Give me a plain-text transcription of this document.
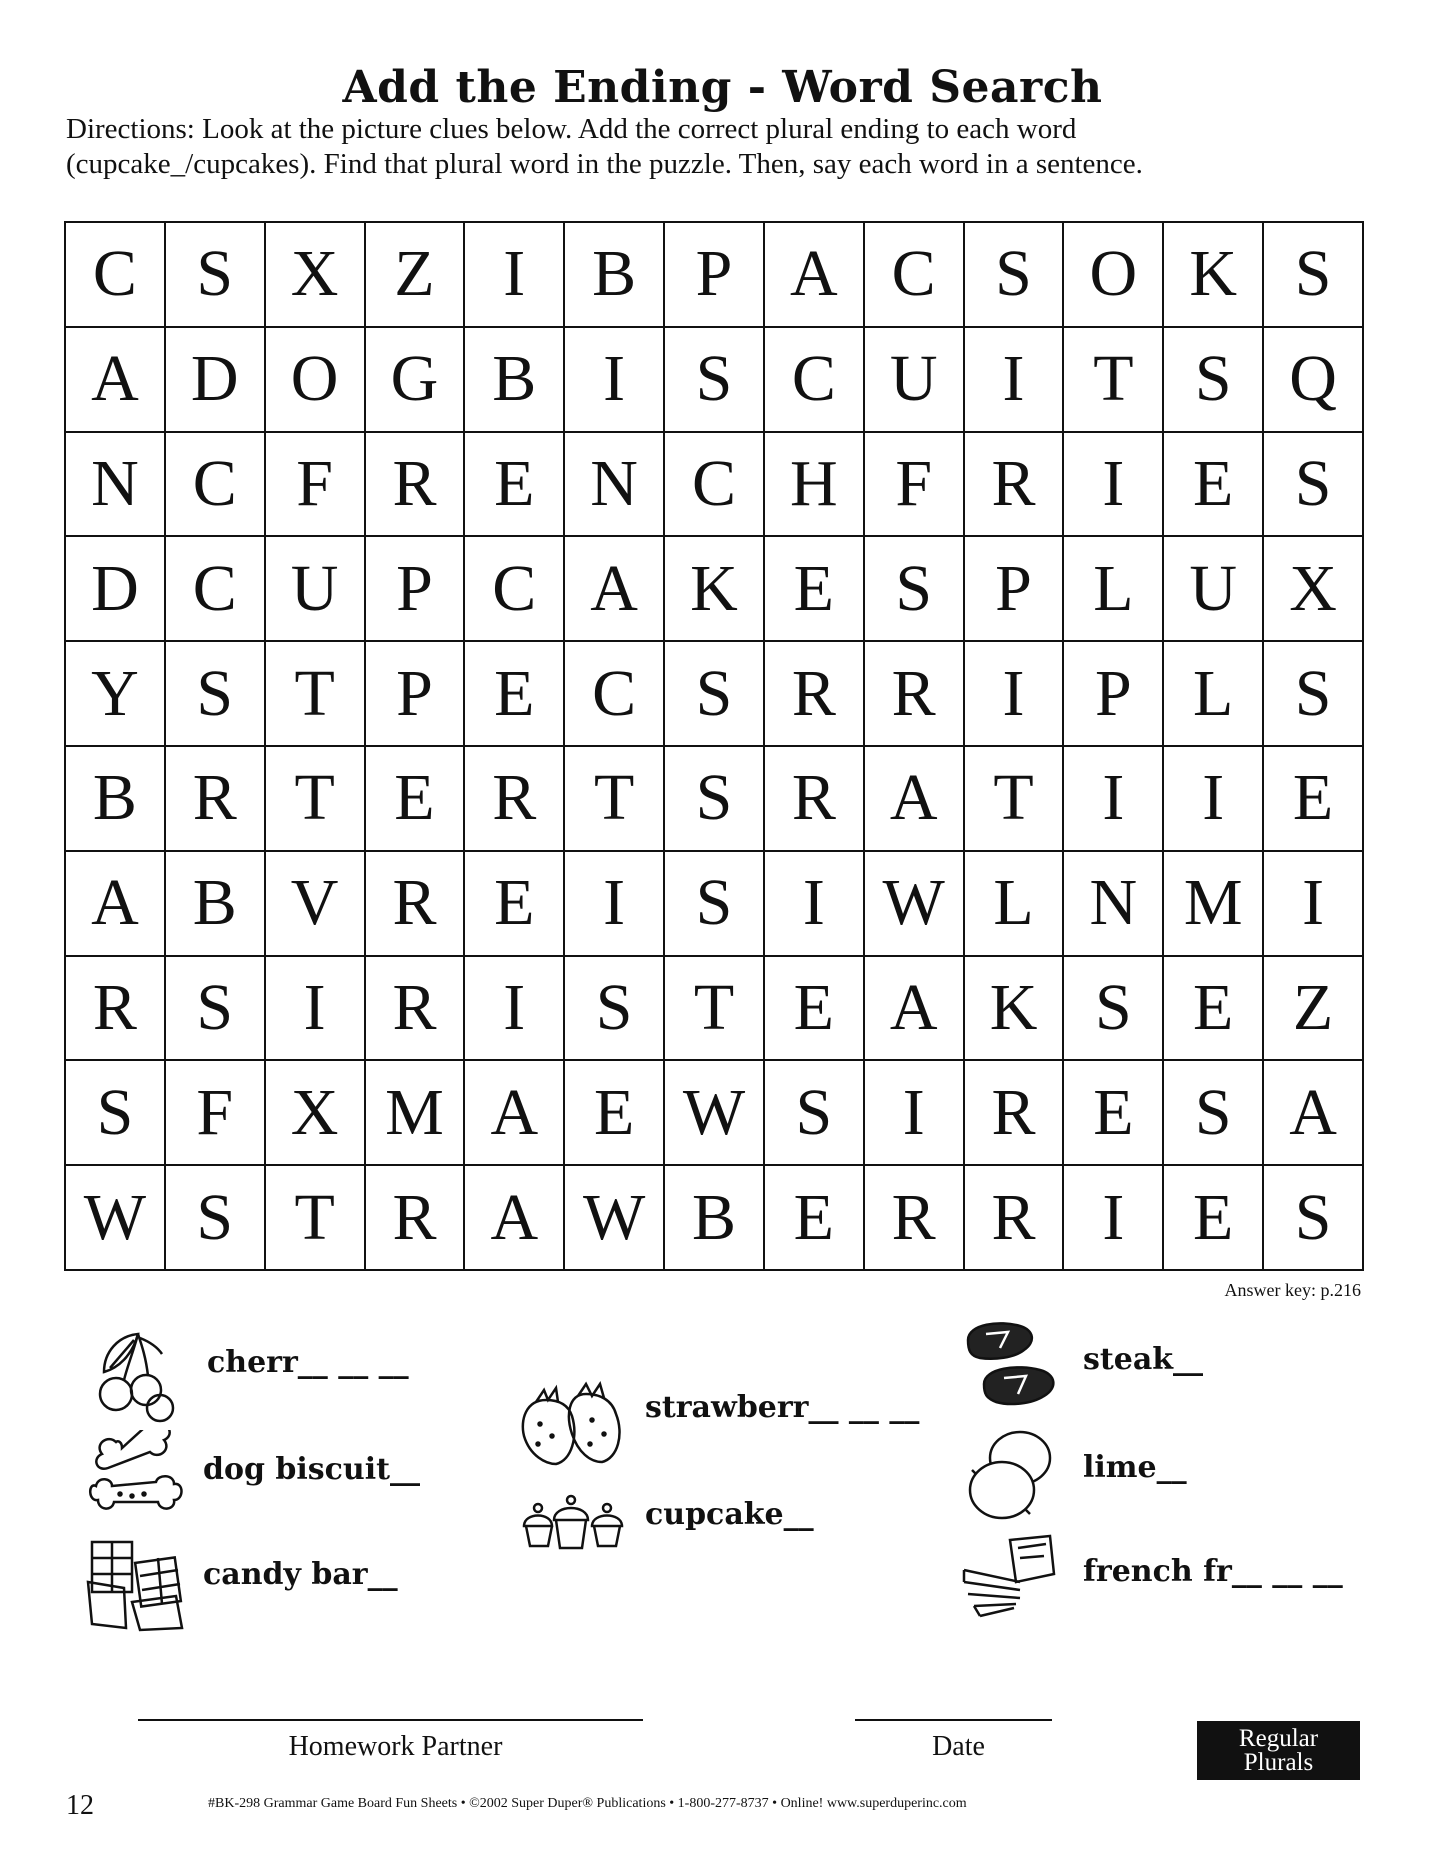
Add the Ending - Word Search
Directions: Look at the picture clues below. Add the correct plural ending to each word
(cupcake_/cupcakes). Find that plural word in the puzzle. Then, say each word in a sentence.
C S X Z	I	B P A C S O K S
A D O G B	I	S C U I	T S Q
N C F R E N C H F R	I	E S
D C U P C A K E S P L U X
Y S T P E C S R R	I	P L S
B R T E R T S R A T	I	I	E
A B V R E	I	S	I W L N M I
R S	I	R	I	S T E A K S E Z
S F X M A E W S	I	R E S A
W S T R A W B E R R	I	E S
Answer key: p.216
cherr__ __ __
dog biscuit__
candy bar__
strawberr__ __ __
cupcake__
steak__
lime__
french fr__ __ __
Homework Partner	Date	Regular
Plurals
12	#BK-298 Grammar Game Board Fun Sheets • ©2002 Super Duper® Publications • 1-800-277-8737 • Online! www.superduperinc.com
